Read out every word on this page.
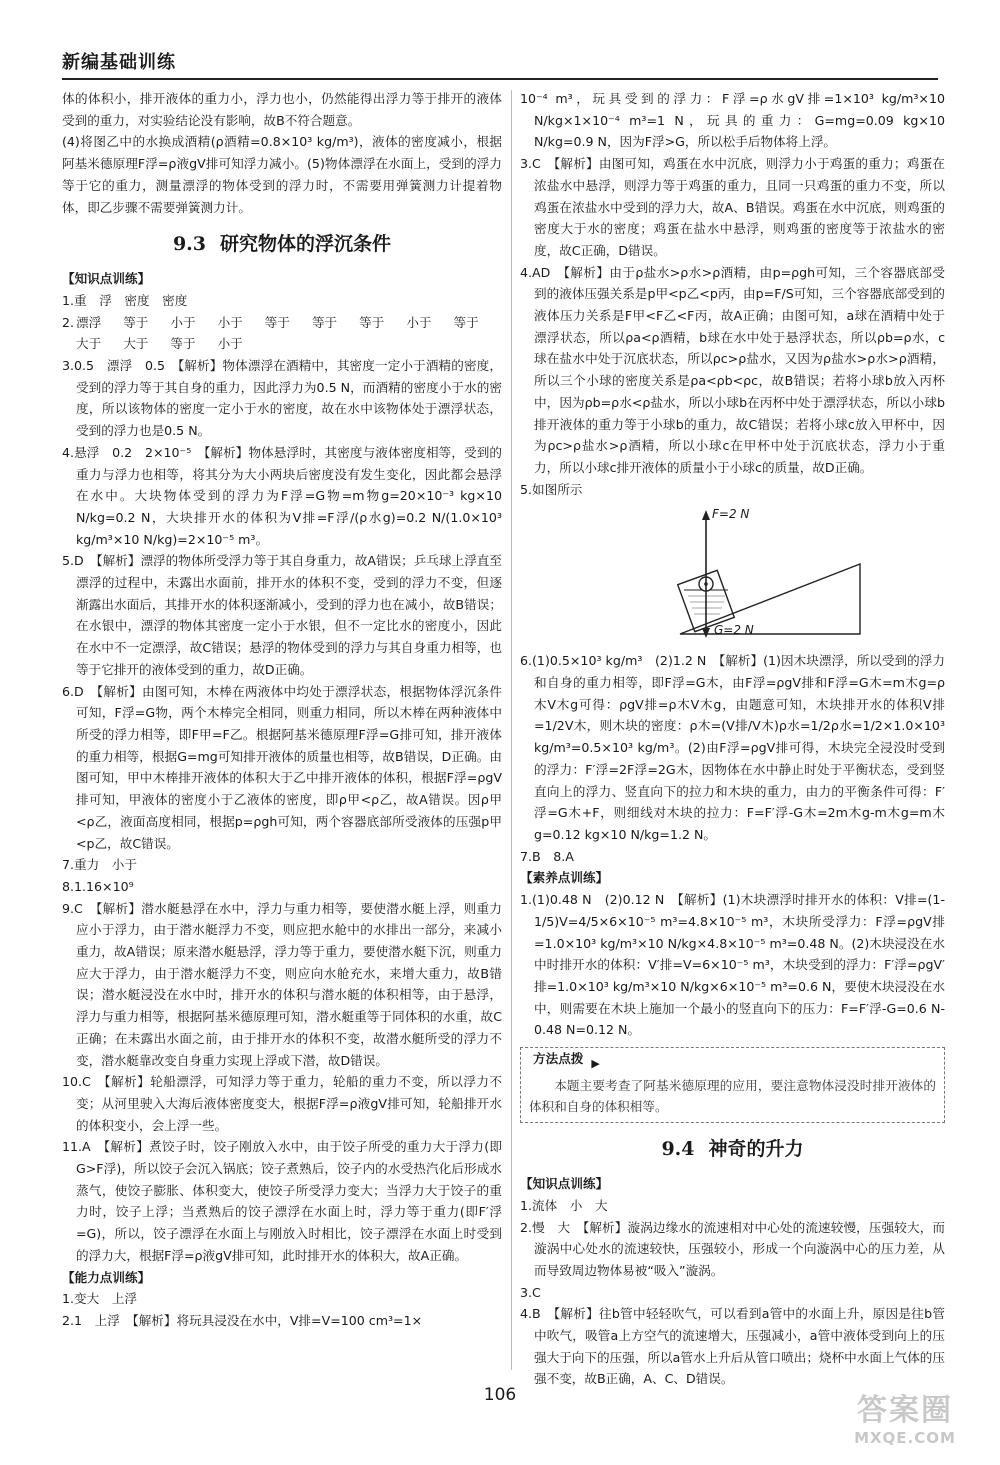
新编基础训练

体的体积小，排开液体的重力小，浮力也小，仍然能得出浮力等于排开的液体受到的重力，对实验结论没有影响，故B不符合题意。

(4)将图乙中的水换成酒精(ρ酒精=0.8×10³ kg/m³)，液体的密度减小，根据阿基米德原理F浮=ρ液gV排可知浮力减小。(5)物体漂浮在水面上，受到的浮力等于它的重力，测量漂浮的物体受到的浮力时，不需要用弹簧测力计提着物体，即乙步骤不需要弹簧测力计。

9.3 研究物体的浮沉条件

【知识点训练】

1.重　浮　密度　密度

2. 漂浮 等于 小于 小于 等于 等于 等于 小于 等于
大于 大于 等于 小于

3.0.5　漂浮　0.5　【解析】物体漂浮在酒精中，其密度一定小于酒精的密度，受到的浮力等于其自身的重力，因此浮力为0.5 N，而酒精的密度小于水的密度，所以该物体的密度一定小于水的密度，故在水中该物体处于漂浮状态，受到的浮力也是0.5 N。

4.悬浮　0.2　2×10⁻⁵　【解析】物体悬浮时，其密度与液体密度相等，受到的重力与浮力也相等，将其分为大小两块后密度没有发生变化，因此都会悬浮在水中。大块物体受到的浮力为F浮=G物=m物g=20×10⁻³ kg×10 N/kg=0.2 N，大块排开水的体积为V排=F浮/(ρ水g)=0.2 N/(1.0×10³ kg/m³×10 N/kg)=2×10⁻⁵ m³。

5.D　【解析】漂浮的物体所受浮力等于其自身重力，故A错误；乒乓球上浮直至漂浮的过程中，未露出水面前，排开水的体积不变，受到的浮力不变，但逐渐露出水面后，其排开水的体积逐渐减小，受到的浮力也在减小，故B错误；在水银中，漂浮的物体其密度一定小于水银，但不一定比水的密度小，因此在水中不一定漂浮，故C错误；悬浮的物体受到的浮力与其自身重力相等，也等于它排开的液体受到的重力，故D正确。

6.D　【解析】由图可知，木棒在两液体中均处于漂浮状态，根据物体浮沉条件可知，F浮=G物，两个木棒完全相同，则重力相同，所以木棒在两种液体中所受的浮力相等，即F甲=F乙。根据阿基米德原理F浮=G排可知，排开液体的重力相等，根据G=mg可知排开液体的质量也相等，故B错误，D正确。由图可知，甲中木棒排开液体的体积大于乙中排开液体的体积，根据F浮=ρgV排可知，甲液体的密度小于乙液体的密度，即ρ甲<ρ乙，故A错误。因ρ甲<ρ乙，液面高度相同，根据p=ρgh可知，两个容器底部所受液体的压强p甲<p乙，故C错误。

7.重力　小于

8.1.16×10⁹

9.C　【解析】潜水艇悬浮在水中，浮力与重力相等，要使潜水艇上浮，则重力应小于浮力，由于潜水艇浮力不变，则应把水舱中的水排出一部分，来减小重力，故A错误；原来潜水艇悬浮，浮力等于重力，要使潜水艇下沉，则重力应大于浮力，由于潜水艇浮力不变，则应向水舱充水，来增大重力，故B错误；潜水艇浸没在水中时，排开水的体积与潜水艇的体积相等，由于悬浮，浮力与重力相等，根据阿基米德原理可知，潜水艇重等于同体积的水重，故C正确；在未露出水面之前，由于排开水的体积不变，故潜水艇所受的浮力不变，潜水艇靠改变自身重力实现上浮或下潜，故D错误。

10.C　【解析】轮船漂浮，可知浮力等于重力，轮船的重力不变，所以浮力不变；从河里驶入大海后液体密度变大，根据F浮=ρ液gV排可知，轮船排开水的体积变小，会上浮一些。

11.A　【解析】煮饺子时，饺子刚放入水中，由于饺子所受的重力大于浮力(即G>F浮)，所以饺子会沉入锅底；饺子煮熟后，饺子内的水受热汽化后形成水蒸气，使饺子膨胀、体积变大，使饺子所受浮力变大；当浮力大于饺子的重力时，饺子上浮；当煮熟后的饺子漂浮在水面上时，浮力等于重力(即F′浮=G)，所以，饺子漂浮在水面上与刚放入时相比，饺子漂浮在水面上时受到的浮力大，根据F浮=ρ液gV排可知，此时排开水的体积大，故A正确。

【能力点训练】

1.变大　上浮

2.1　上浮　【解析】将玩具浸没在水中，V排=V=100 cm³=1×

10⁻⁴ m³，玩具受到的浮力：F浮=ρ水gV排=1×10³ kg/m³×10 N/kg×1×10⁻⁴ m³=1 N，玩具的重力：G=mg=0.09 kg×10 N/kg=0.9 N，因为F浮>G，所以松手后物体将上浮。

3.C　【解析】由图可知，鸡蛋在水中沉底，则浮力小于鸡蛋的重力；鸡蛋在浓盐水中悬浮，则浮力等于鸡蛋的重力，且同一只鸡蛋的重力不变，所以鸡蛋在浓盐水中受到的浮力大，故A、B错误。鸡蛋在水中沉底，则鸡蛋的密度大于水的密度；鸡蛋在盐水中悬浮，则鸡蛋的密度等于浓盐水的密度，故C正确，D错误。

4.AD　【解析】由于ρ盐水>ρ水>ρ酒精，由p=ρgh可知，三个容器底部受到的液体压强关系是p甲<p乙<p丙，由p=F/S可知，三个容器底部受到的液体压力关系是F甲<F乙<F丙，故A正确；由图可知，a球在酒精中处于漂浮状态，所以ρa<ρ酒精，b球在水中处于悬浮状态，所以ρb=ρ水，c球在盐水中处于沉底状态，所以ρc>ρ盐水，又因为ρ盐水>ρ水>ρ酒精，所以三个小球的密度关系是ρa<ρb<ρc，故B错误；若将小球b放入丙杯中，因为ρb=ρ水<ρ盐水，所以小球b在丙杯中处于漂浮状态，所以小球b排开液体的重力等于小球b的重力，故C错误；若将小球c放入甲杯中，因为ρc>ρ盐水>ρ酒精，所以小球c在甲杯中处于沉底状态，浮力小于重力，所以小球c排开液体的质量小于小球c的质量，故D正确。

5.如图所示

F=2 N
G=2 N

6.(1)0.5×10³ kg/m³　(2)1.2 N　【解析】(1)因木块漂浮，所以受到的浮力和自身的重力相等，即F浮=G木，由F浮=ρgV排和F浮=G木=m木g=ρ木V木g可得：ρgV排=ρ木V木g，由题意可知，木块排开水的体积V排=1/2V木，则木块的密度：ρ木=(V排/V木)ρ水=1/2ρ水=1/2×1.0×10³ kg/m³=0.5×10³ kg/m³。(2)由F浮=ρgV排可得，木块完全浸没时受到的浮力：F′浮=2F浮=2G木，因物体在水中静止时处于平衡状态，受到竖直向上的浮力、竖直向下的拉力和木块的重力，由力的平衡条件可得：F′浮=G木+F，则细线对木块的拉力：F=F′浮-G木=2m木g-m木g=m木g=0.12 kg×10 N/kg=1.2 N。

7.B　8.A

【素养点训练】

1.(1)0.48 N　(2)0.12 N　【解析】(1)木块漂浮时排开水的体积：V排=(1-1/5)V=4/5×6×10⁻⁵ m³=4.8×10⁻⁵ m³，木块所受浮力：F浮=ρgV排=1.0×10³ kg/m³×10 N/kg×4.8×10⁻⁵ m³=0.48 N。(2)木块浸没在水中时排开水的体积：V′排=V=6×10⁻⁵ m³，木块受到的浮力：F′浮=ρgV′排=1.0×10³ kg/m³×10 N/kg×6×10⁻⁵ m³=0.6 N，要使木块浸没在水中，则需要在木块上施加一个最小的竖直向下的压力：F=F′浮-G=0.6 N-0.48 N=0.12 N。

方法点拨 ▶

本题主要考查了阿基米德原理的应用，要注意物体浸没时排开液体的体积和自身的体积相等。

9.4 神奇的升力

【知识点训练】

1.流体　小　大

2.慢　大　【解析】漩涡边缘水的流速相对中心处的流速较慢，压强较大，而漩涡中心处水的流速较快，压强较小，形成一个向漩涡中心的压力差，从而导致周边物体易被“吸入”漩涡。

3.C

4.B　【解析】往b管中轻轻吹气，可以看到a管中的水面上升，原因是往b管中吹气，吸管a上方空气的流速增大，压强减小，a管中液体受到向上的压强大于向下的压强，所以a管水上升后从管口喷出；烧杯中水面上气体的压强不变，故B正确，A、C、D错误。

106	答案圈
MXQE.COM
